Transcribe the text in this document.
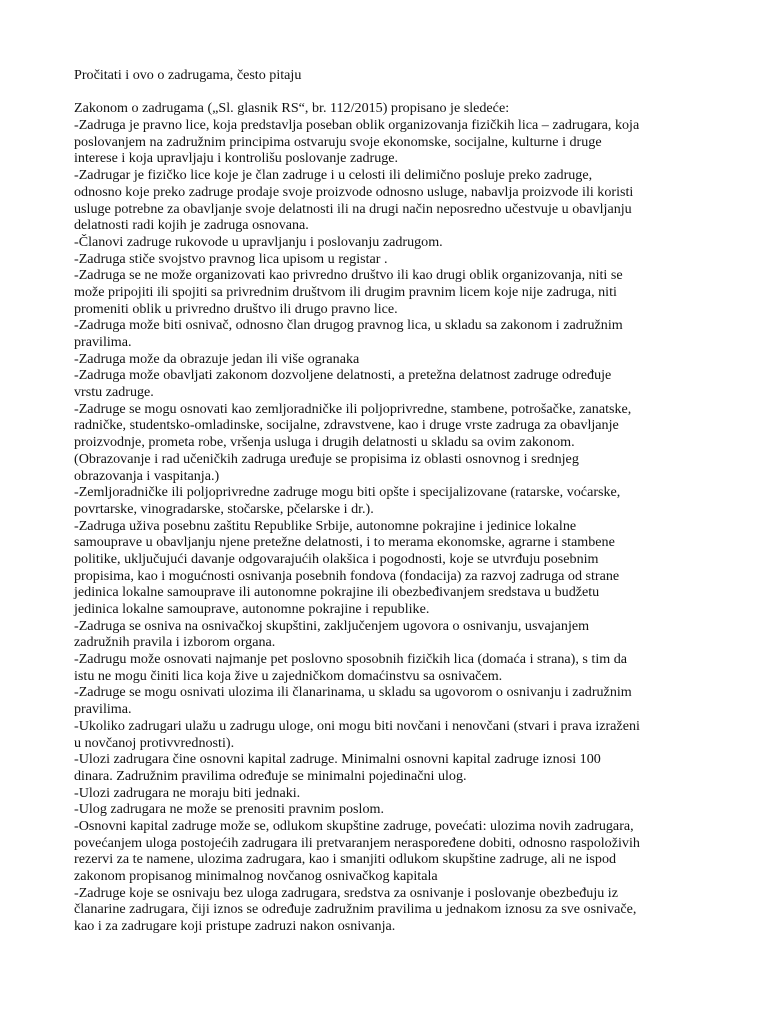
Pročitati i ovo o zadrugama, često pitaju
Zakonom o zadrugama („Sl. glasnik RS“, br. 112/2015) propisano je sledeće:
-Zadruga je pravno lice, koja predstavlja poseban oblik organizovanja fizičkih lica – zadrugara, koja
poslovanjem na zadružnim principima ostvaruju svoje ekonomske, socijalne, kulturne i druge
interese i koja upravljaju i kontrolišu poslovanje zadruge.
-Zadrugar je fizičko lice koje je član zadruge i u celosti ili delimično posluje preko zadruge,
odnosno koje preko zadruge prodaje svoje proizvode odnosno usluge, nabavlja proizvode ili koristi
usluge potrebne za obavljanje svoje delatnosti ili na drugi način neposredno učestvuje u obavljanju
delatnosti radi kojih je zadruga osnovana.
-Članovi zadruge rukovode u upravljanju i poslovanju zadrugom.
-Zadruga stiče svojstvo pravnog lica upisom u registar .
-Zadruga se ne može organizovati kao privredno društvo ili kao drugi oblik organizovanja, niti se
može pripojiti ili spojiti sa privrednim društvom ili drugim pravnim licem koje nije zadruga, niti
promeniti oblik u privredno društvo ili drugo pravno lice.
-Zadruga može biti osnivač, odnosno član drugog pravnog lica, u skladu sa zakonom i zadružnim
pravilima.
-Zadruga može da obrazuje jedan ili više ogranaka
-Zadruga može obavljati zakonom dozvoljene delatnosti, a pretežna delatnost zadruge određuje
vrstu zadruge.
-Zadruge se mogu osnovati kao zemljoradničke ili poljoprivredne, stambene, potrošačke, zanatske,
radničke, studentsko-omladinske, socijalne, zdravstvene, kao i druge vrste zadruga za obavljanje
proizvodnje, prometa robe, vršenja usluga i drugih delatnosti u skladu sa ovim zakonom.
(Obrazovanje i rad učeničkih zadruga uređuje se propisima iz oblasti osnovnog i srednjeg
obrazovanja i vaspitanja.)
-Zemljoradničke ili poljoprivredne zadruge mogu biti opšte i specijalizovane (ratarske, voćarske,
povrtarske, vinogradarske, stočarske, pčelarske i dr.).
-Zadruga uživa posebnu zaštitu Republike Srbije, autonomne pokrajine i jedinice lokalne
samouprave u obavljanju njene pretežne delatnosti, i to merama ekonomske, agrarne i stambene
politike, uključujući davanje odgovarajućih olakšica i pogodnosti, koje se utvrđuju posebnim
propisima, kao i mogućnosti osnivanja posebnih fondova (fondacija) za razvoj zadruga od strane
jedinica lokalne samouprave ili autonomne pokrajine ili obezbeđivanjem sredstava u budžetu
jedinica lokalne samouprave, autonomne pokrajine i republike.
-Zadruga se osniva na osnivačkoj skupštini, zaključenjem ugovora o osnivanju, usvajanjem
zadružnih pravila i izborom organa.
-Zadrugu može osnovati najmanje pet poslovno sposobnih fizičkih lica (domaća i strana), s tim da
istu ne mogu činiti lica koja žive u zajedničkom domaćinstvu sa osnivačem.
-Zadruge se mogu osnivati ulozima ili članarinama, u skladu sa ugovorom o osnivanju i zadružnim
pravilima.
-Ukoliko zadrugari ulažu u zadrugu uloge, oni mogu biti novčani i nenovčani (stvari i prava izraženi
u novčanoj protivvrednosti).
-Ulozi zadrugara čine osnovni kapital zadruge. Minimalni osnovni kapital zadruge iznosi 100
dinara. Zadružnim pravilima određuje se minimalni pojedinačni ulog.
-Ulozi zadrugara ne moraju biti jednaki.
-Ulog zadrugara ne može se prenositi pravnim poslom.
-Osnovni kapital zadruge može se, odlukom skupštine zadruge, povećati: ulozima novih zadrugara,
povećanjem uloga postojećih zadrugara ili pretvaranjem neraspoređene dobiti, odnosno raspoloživih
rezervi za te namene, ulozima zadrugara, kao i smanjiti odlukom skupštine zadruge, ali ne ispod
zakonom propisanog minimalnog novčanog osnivačkog kapitala
-Zadruge koje se osnivaju bez uloga zadrugara, sredstva za osnivanje i poslovanje obezbeđuju iz
članarine zadrugara, čiji iznos se određuje zadružnim pravilima u jednakom iznosu za sve osnivače,
kao i za zadrugare koji pristupe zadruzi nakon osnivanja.
